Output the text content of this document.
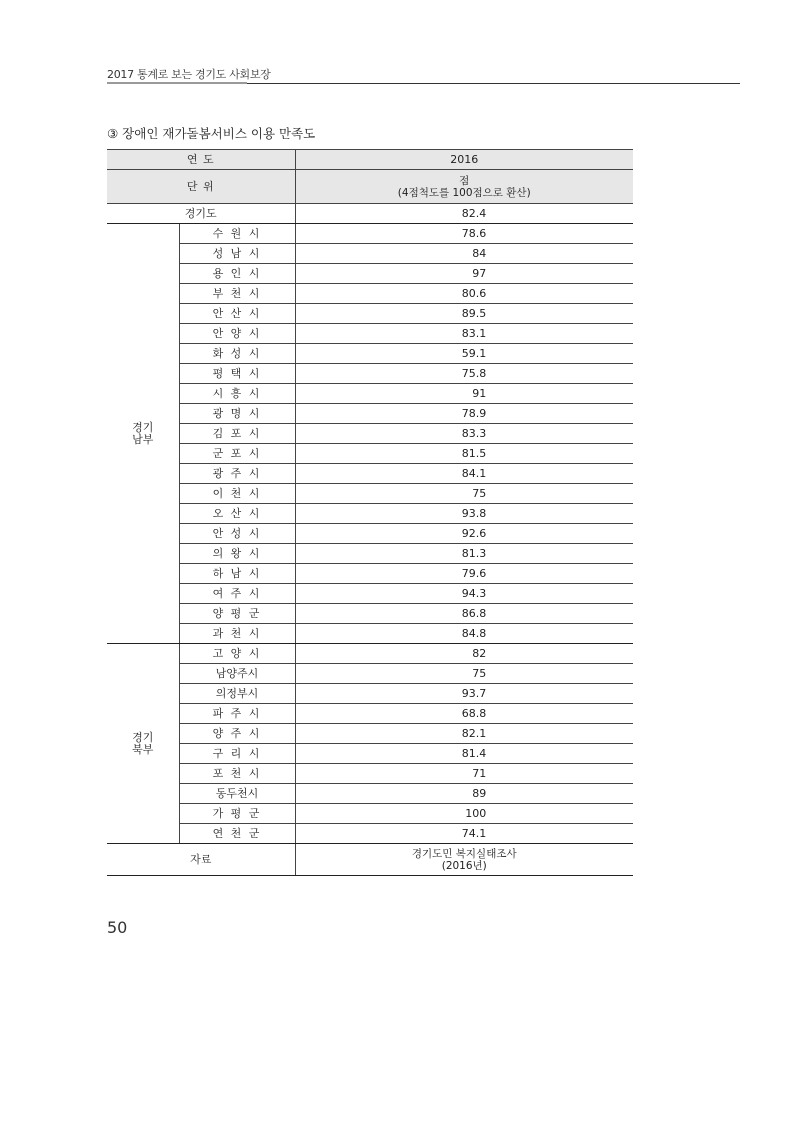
2017 통계로 보는 경기도 사회보장
③ 장애인 재가돌봄서비스 이용 만족도
연 도		2016
단 위		점
(4점척도를 100점으로 환산)

경기도		82.4

경기
남부	수 원 시	78.6
	성 남 시	84
	용 인 시	97
	부 천 시	80.6
	안 산 시	89.5
	안 양 시	83.1
	화 성 시	59.1
	평 택 시	75.8
	시 흥 시	91
	광 명 시	78.9
	김 포 시	83.3
	군 포 시	81.5
	광 주 시	84.1
	이 천 시	75
	오 산 시	93.8
	안 성 시	92.6
	의 왕 시	81.3
	하 남 시	79.6
	여 주 시	94.3
	양 평 군	86.8
	과 천 시	84.8

경기
북부	고 양 시	82
	남양주시	75
	의정부시	93.7
	파 주 시	68.8
	양 주 시	82.1
	구 리 시	81.4
	포 천 시	71
	동두천시	89
	가 평 군	100
	연 천 군	74.1
자료		경기도민 복지실태조사
(2016년)
50
